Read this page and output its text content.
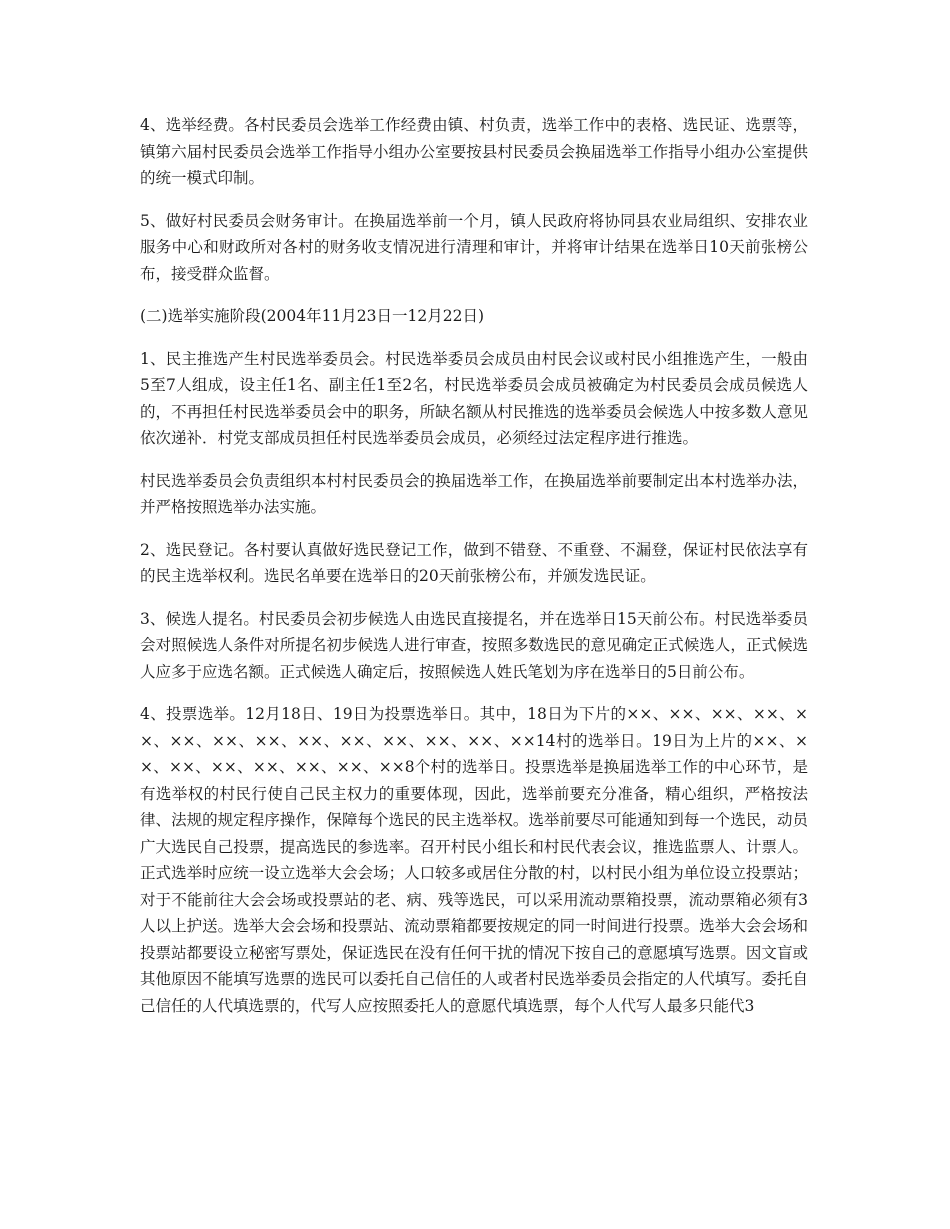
4、选举经费。各村民委员会选举工作经费由镇、村负责，选举工作中的表格、选民证、选票等，镇第六届村民委员会选举工作指导小组办公室要按县村民委员会换届选举工作指导小组办公室提供的统一模式印制。

5、做好村民委员会财务审计。在换届选举前一个月，镇人民政府将协同县农业局组织、安排农业服务中心和财政所对各村的财务收支情况进行清理和审计，并将审计结果在选举日10天前张榜公布，接受群众监督。

(二)选举实施阶段(2004年11月23日一12月22日)

1、民主推选产生村民选举委员会。村民选举委员会成员由村民会议或村民小组推选产生，一般由5至7人组成，设主任1名、副主任1至2名，村民选举委员会成员被确定为村民委员会成员候选人的，不再担任村民选举委员会中的职务，所缺名额从村民推选的选举委员会候选人中按多数人意见依次递补．村党支部成员担任村民选举委员会成员，必须经过法定程序进行推选。

村民选举委员会负责组织本村村民委员会的换届选举工作，在换届选举前要制定出本村选举办法，并严格按照选举办法实施。

2、选民登记。各村要认真做好选民登记工作，做到不错登、不重登、不漏登，保证村民依法享有的民主选举权利。选民名单要在选举日的20天前张榜公布，并颁发选民证。

3、候选人提名。村民委员会初步候选人由选民直接提名，并在选举日15天前公布。村民选举委员会对照候选人条件对所提名初步候选人进行审查，按照多数选民的意见确定正式候选人，正式候选人应多于应选名额。正式候选人确定后，按照候选人姓氏笔划为序在选举日的5日前公布。

4、投票选举。12月18日、19日为投票选举日。其中，18日为下片的××、××、××、××、××、××、××、××、××、××、××、××、××、××14村的选举日。19日为上片的××、××、××、××、××、××、××、××8个村的选举日。投票选举是换届选举工作的中心环节，是有选举权的村民行使自己民主权力的重要体现，因此，选举前要充分准备，精心组织，严格按法律、法规的规定程序操作，保障每个选民的民主选举权。选举前要尽可能通知到每一个选民，动员广大选民自己投票，提高选民的参选率。召开村民小组长和村民代表会议，推选监票人、计票人。正式选举时应统一设立选举大会会场；人口较多或居住分散的村，以村民小组为单位设立投票站；对于不能前往大会会场或投票站的老、病、残等选民，可以采用流动票箱投票，流动票箱必须有3人以上护送。选举大会会场和投票站、流动票箱都要按规定的同一时间进行投票。选举大会会场和投票站都要设立秘密写票处，保证选民在没有任何干扰的情况下按自己的意愿填写选票。因文盲或其他原因不能填写选票的选民可以委托自己信任的人或者村民选举委员会指定的人代填写。委托自己信任的人代填选票的，代写人应按照委托人的意愿代填选票，每个人代写人最多只能代3
